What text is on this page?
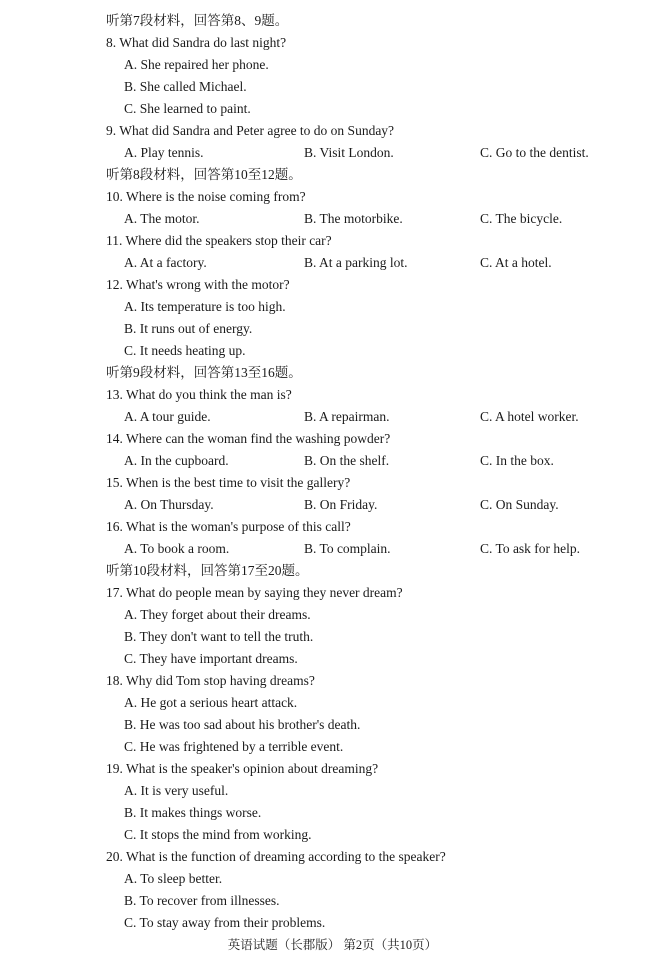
听第7段材料，回答第8、9题。
8. What did Sandra do last night?
A. She repaired her phone.
B. She called Michael.
C. She learned to paint.
9. What did Sandra and Peter agree to do on Sunday?
A. Play tennis.	B. Visit London.	C. Go to the dentist.
听第8段材料，回答第10至12题。
10. Where is the noise coming from?
A. The motor.	B. The motorbike.	C. The bicycle.
11. Where did the speakers stop their car?
A. At a factory.	B. At a parking lot.	C. At a hotel.
12. What's wrong with the motor?
A. Its temperature is too high.
B. It runs out of energy.
C. It needs heating up.
听第9段材料，回答第13至16题。
13. What do you think the man is?
A. A tour guide.	B. A repairman.	C. A hotel worker.
14. Where can the woman find the washing powder?
A. In the cupboard.	B. On the shelf.	C. In the box.
15. When is the best time to visit the gallery?
A. On Thursday.	B. On Friday.	C. On Sunday.
16. What is the woman's purpose of this call?
A. To book a room.	B. To complain.	C. To ask for help.
听第10段材料，回答第17至20题。
17. What do people mean by saying they never dream?
A. They forget about their dreams.
B. They don't want to tell the truth.
C. They have important dreams.
18. Why did Tom stop having dreams?
A. He got a serious heart attack.
B. He was too sad about his brother's death.
C. He was frightened by a terrible event.
19. What is the speaker's opinion about dreaming?
A. It is very useful.
B. It makes things worse.
C. It stops the mind from working.
20. What is the function of dreaming according to the speaker?
A. To sleep better.
B. To recover from illnesses.
C. To stay away from their problems.
英语试题（长郡版） 第2页（共10页）
